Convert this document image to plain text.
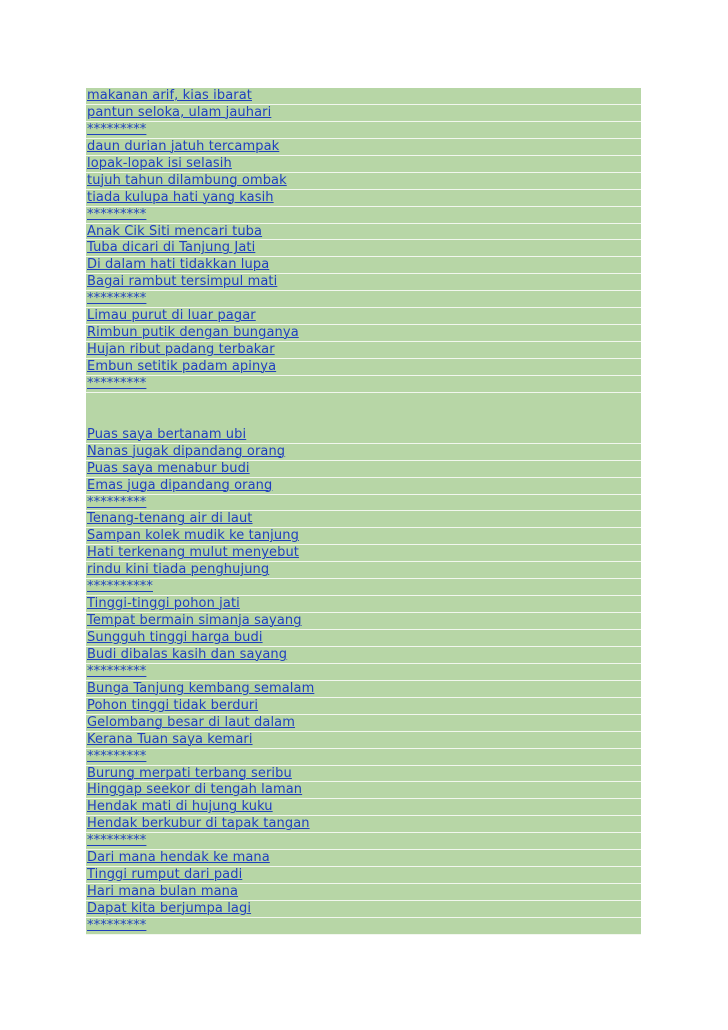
makanan arif, kias ibarat
pantun seloka, ulam jauhari
*********
daun durian jatuh tercampak
lopak-lopak isi selasih
tujuh tahun dilambung ombak
tiada kulupa hati yang kasih
*********
Anak Cik Siti mencari tuba
Tuba dicari di Tanjung Jati
Di dalam hati tidakkan lupa
Bagai rambut tersimpul mati
*********
Limau purut di luar pagar
Rimbun putik dengan bunganya
Hujan ribut padang terbakar
Embun setitik padam apinya
*********
Puas saya bertanam ubi
Nanas jugak dipandang orang
Puas saya menabur budi
Emas juga dipandang orang
*********
Tenang-tenang air di laut
Sampan kolek mudik ke tanjung
Hati terkenang mulut menyebut
rindu kini tiada penghujung
**********
Tinggi-tinggi pohon jati
Tempat bermain simanja sayang
Sungguh tinggi harga budi
Budi dibalas kasih dan sayang
*********
Bunga Tanjung kembang semalam
Pohon tinggi tidak berduri
Gelombang besar di laut dalam
Kerana Tuan saya kemari
*********
Burung merpati terbang seribu
Hinggap seekor di tengah laman
Hendak mati di hujung kuku
Hendak berkubur di tapak tangan
*********
Dari mana hendak ke mana
Tinggi rumput dari padi
Hari mana bulan mana
Dapat kita berjumpa lagi
*********
